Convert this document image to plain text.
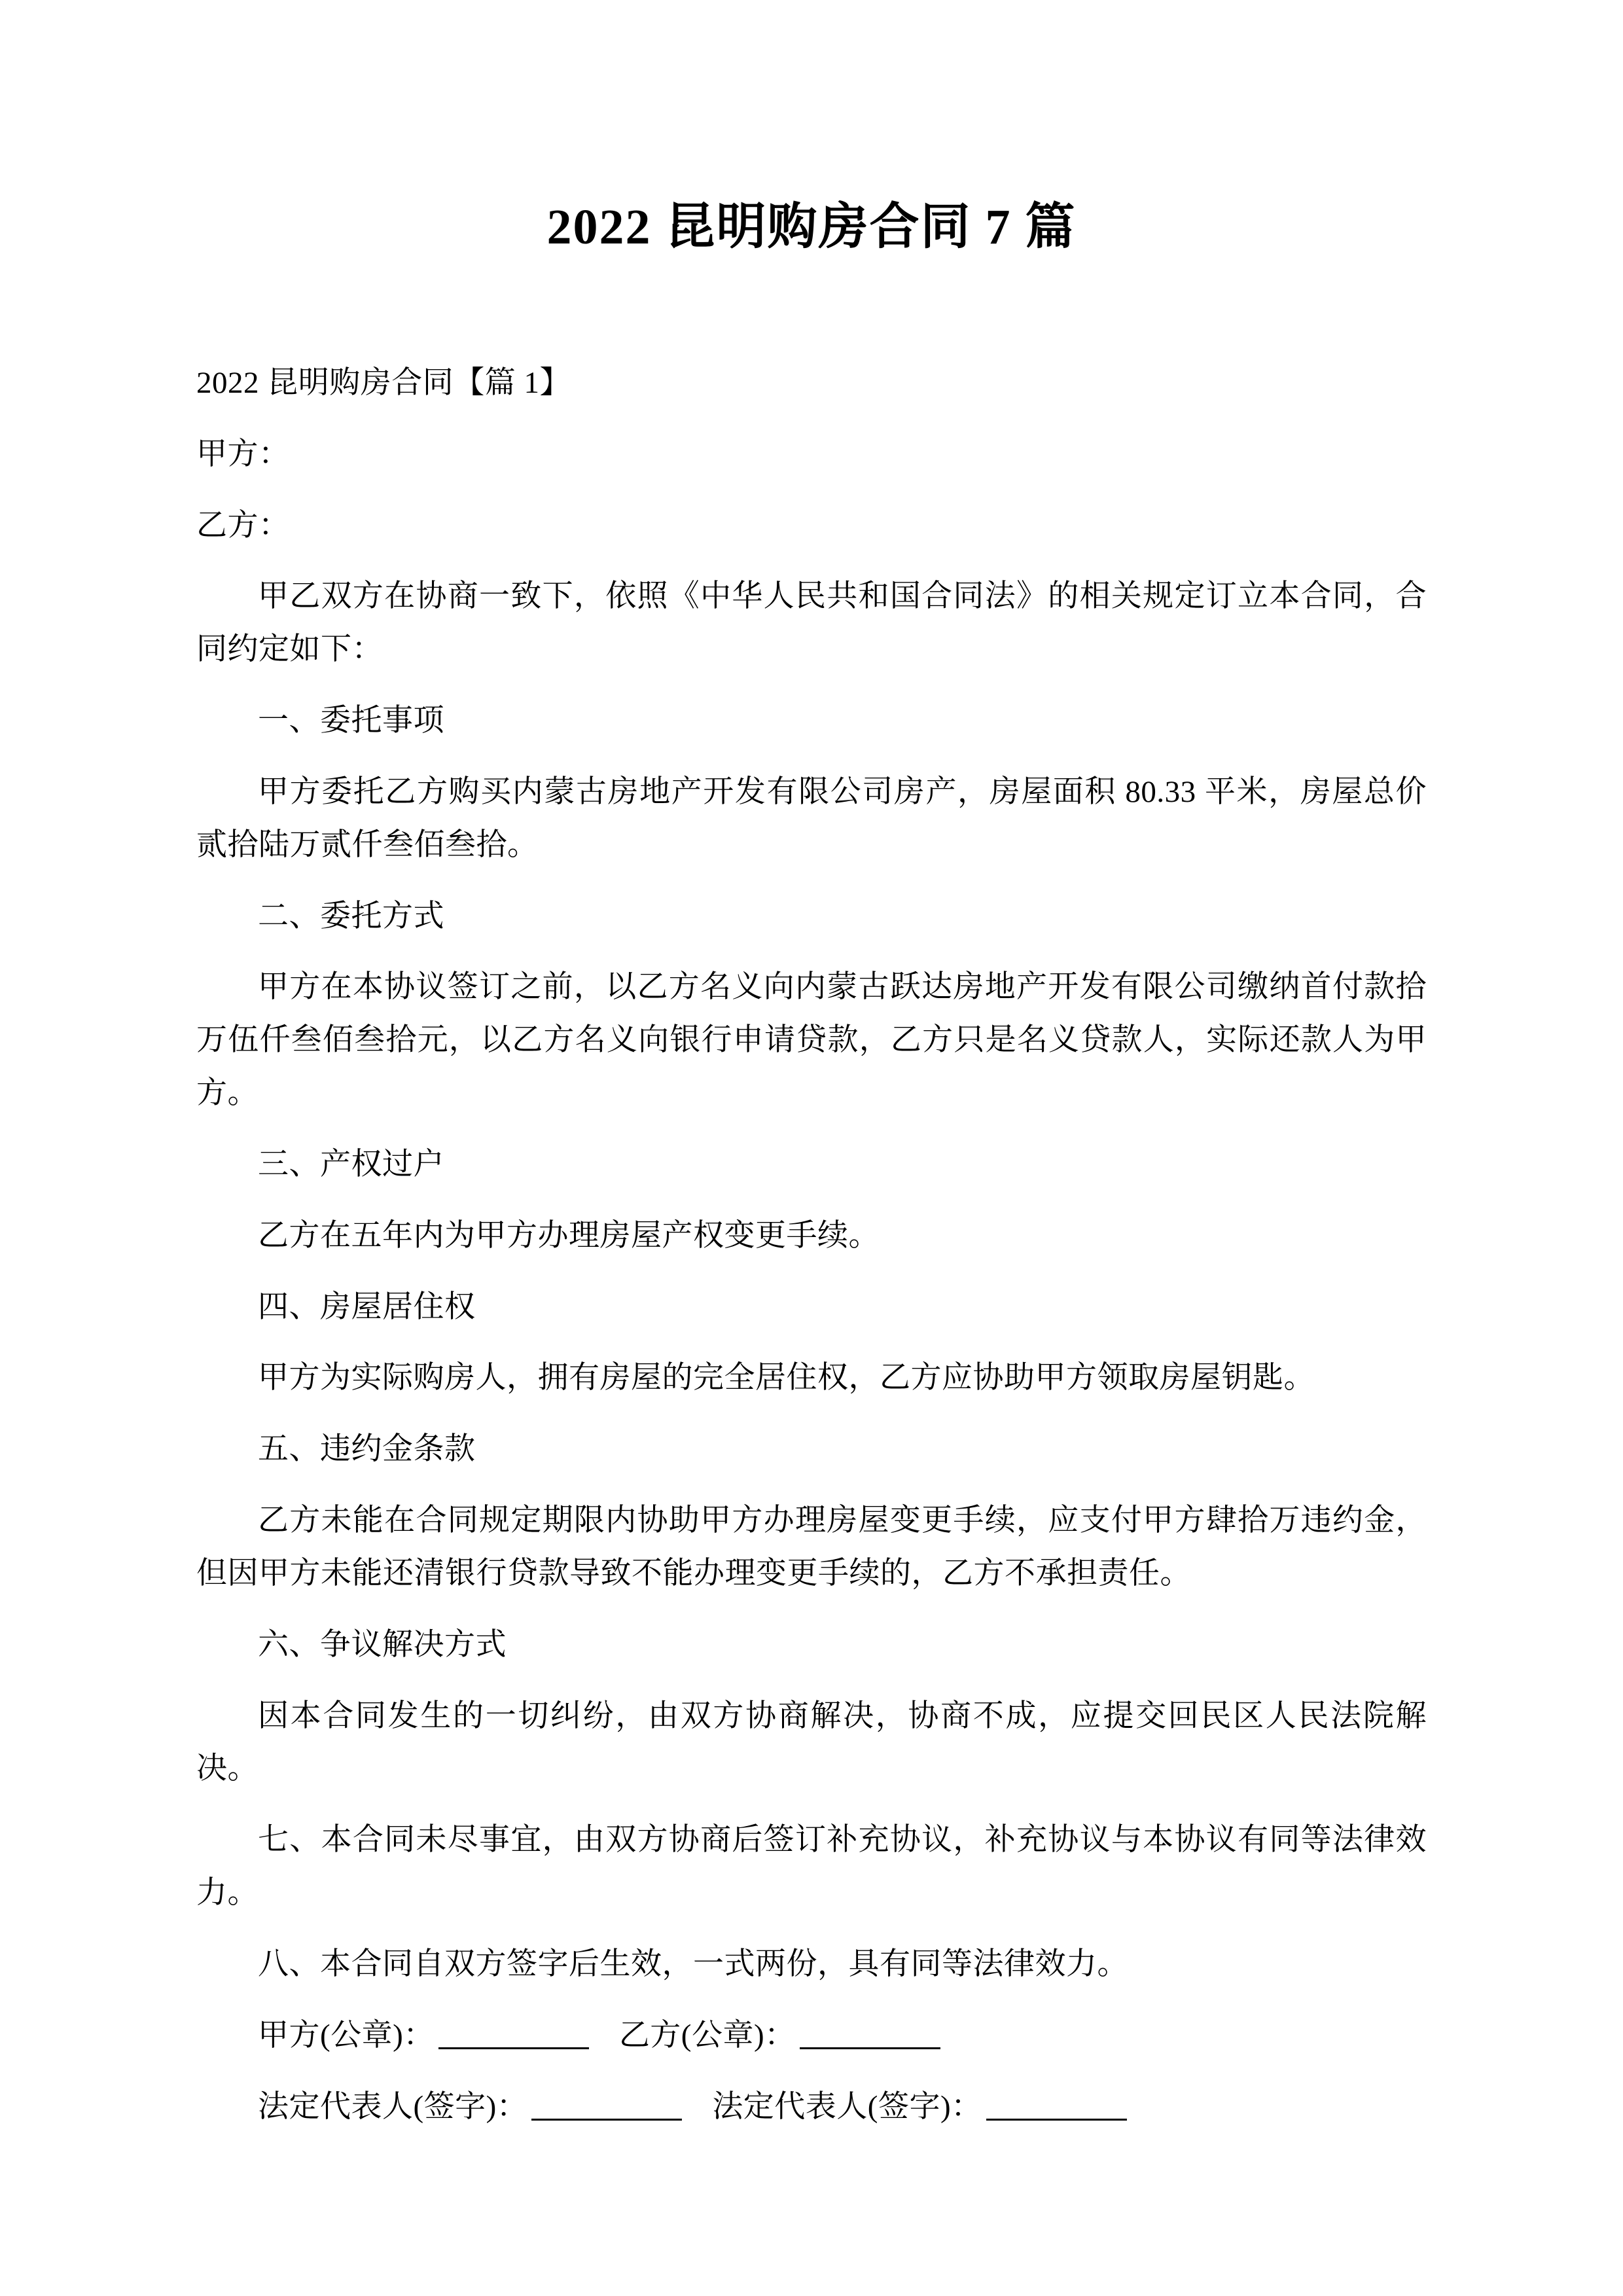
2022 昆明购房合同 7 篇

2022 昆明购房合同【篇 1】

甲方：

乙方：

甲乙双方在协商一致下，依照《中华人民共和国合同法》的相关规定订立本合同，合同约定如下：

一、委托事项

甲方委托乙方购买内蒙古房地产开发有限公司房产，房屋面积 80.33 平米，房屋总价贰拾陆万贰仟叁佰叁拾。

二、委托方式

甲方在本协议签订之前，以乙方名义向内蒙古跃达房地产开发有限公司缴纳首付款拾万伍仟叁佰叁拾元，以乙方名义向银行申请贷款，乙方只是名义贷款人，实际还款人为甲方。

三、产权过户

乙方在五年内为甲方办理房屋产权变更手续。

四、房屋居住权

甲方为实际购房人，拥有房屋的完全居住权，乙方应协助甲方领取房屋钥匙。

五、违约金条款

乙方未能在合同规定期限内协助甲方办理房屋变更手续，应支付甲方肆拾万违约金，但因甲方未能还清银行贷款导致不能办理变更手续的，乙方不承担责任。

六、争议解决方式

因本合同发生的一切纠纷，由双方协商解决，协商不成，应提交回民区人民法院解决。

七、本合同未尽事宜，由双方协商后签订补充协议，补充协议与本协议有同等法律效力。

八、本合同自双方签字后生效，一式两份，具有同等法律效力。

甲方(公章)：	乙方(公章)：
法定代表人(签字)：	法定代表人(签字)：
